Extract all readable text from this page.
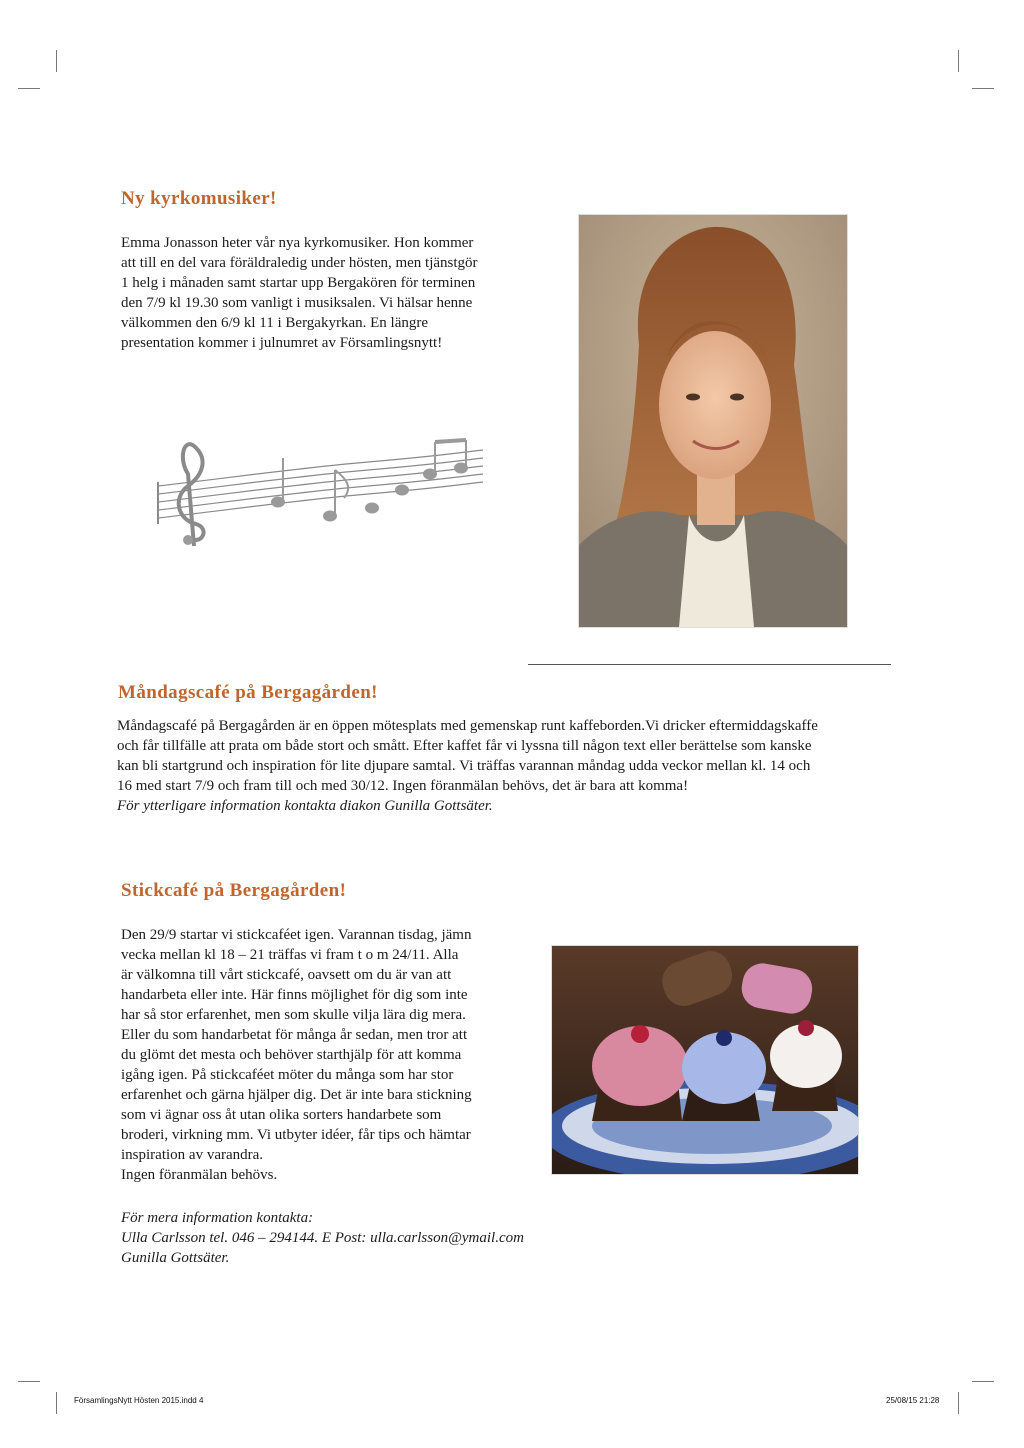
Ny kyrkomusiker!

Emma Jonasson heter vår nya kyrkomusiker. Hon kommer

att till en del vara föräldraledig under hösten, men tjänstgör

1 helg i månaden samt startar upp Bergakören för terminen

den 7/9 kl 19.30 som vanligt i musiksalen. Vi hälsar henne

välkommen den 6/9 kl 11 i Bergakyrkan. En längre

presentation kommer i julnumret av Församlingsnytt!

Måndagscafé på Bergagården!

Måndagscafé på Bergagården är en öppen mötesplats med gemenskap runt kaffeborden.Vi dricker eftermiddagskaffe

och får tillfälle att prata om både stort och smått. Efter kaffet får vi lyssna till någon text eller berättelse som kanske

kan bli startgrund och inspiration för lite djupare samtal. Vi träffas varannan måndag udda veckor mellan kl. 14 och

16 med start 7/9 och fram till och med 30/12. Ingen föranmälan behövs, det är bara att komma!

För ytterligare information kontakta diakon Gunilla Gottsäter.

Stickcafé på Bergagården!

Den 29/9 startar vi stickcaféet igen. Varannan tisdag, jämn

vecka mellan kl 18 – 21 träffas vi fram t o m 24/11. Alla

är välkomna till vårt stickcafé, oavsett om du är van att

handarbeta eller inte. Här finns möjlighet för dig som inte

har så stor erfarenhet, men som skulle vilja lära dig mera.

Eller du som handarbetat för många år sedan, men tror att

du glömt det mesta och behöver starthjälp för att komma

igång igen. På stickcaféet möter du många som har stor

erfarenhet och gärna hjälper dig. Det är inte bara stickning

som vi ägnar oss åt utan olika sorters handarbete som

broderi, virkning mm. Vi utbyter idéer, får tips och hämtar

inspiration av varandra.

Ingen föranmälan behövs.

För mera information kontakta:

Ulla Carlsson tel. 046 – 294144. E Post: ulla.carlsson@ymail.com

Gunilla Gottsäter.

FörsamlingsNytt Hösten 2015.indd 4	25/08/15 21:28
